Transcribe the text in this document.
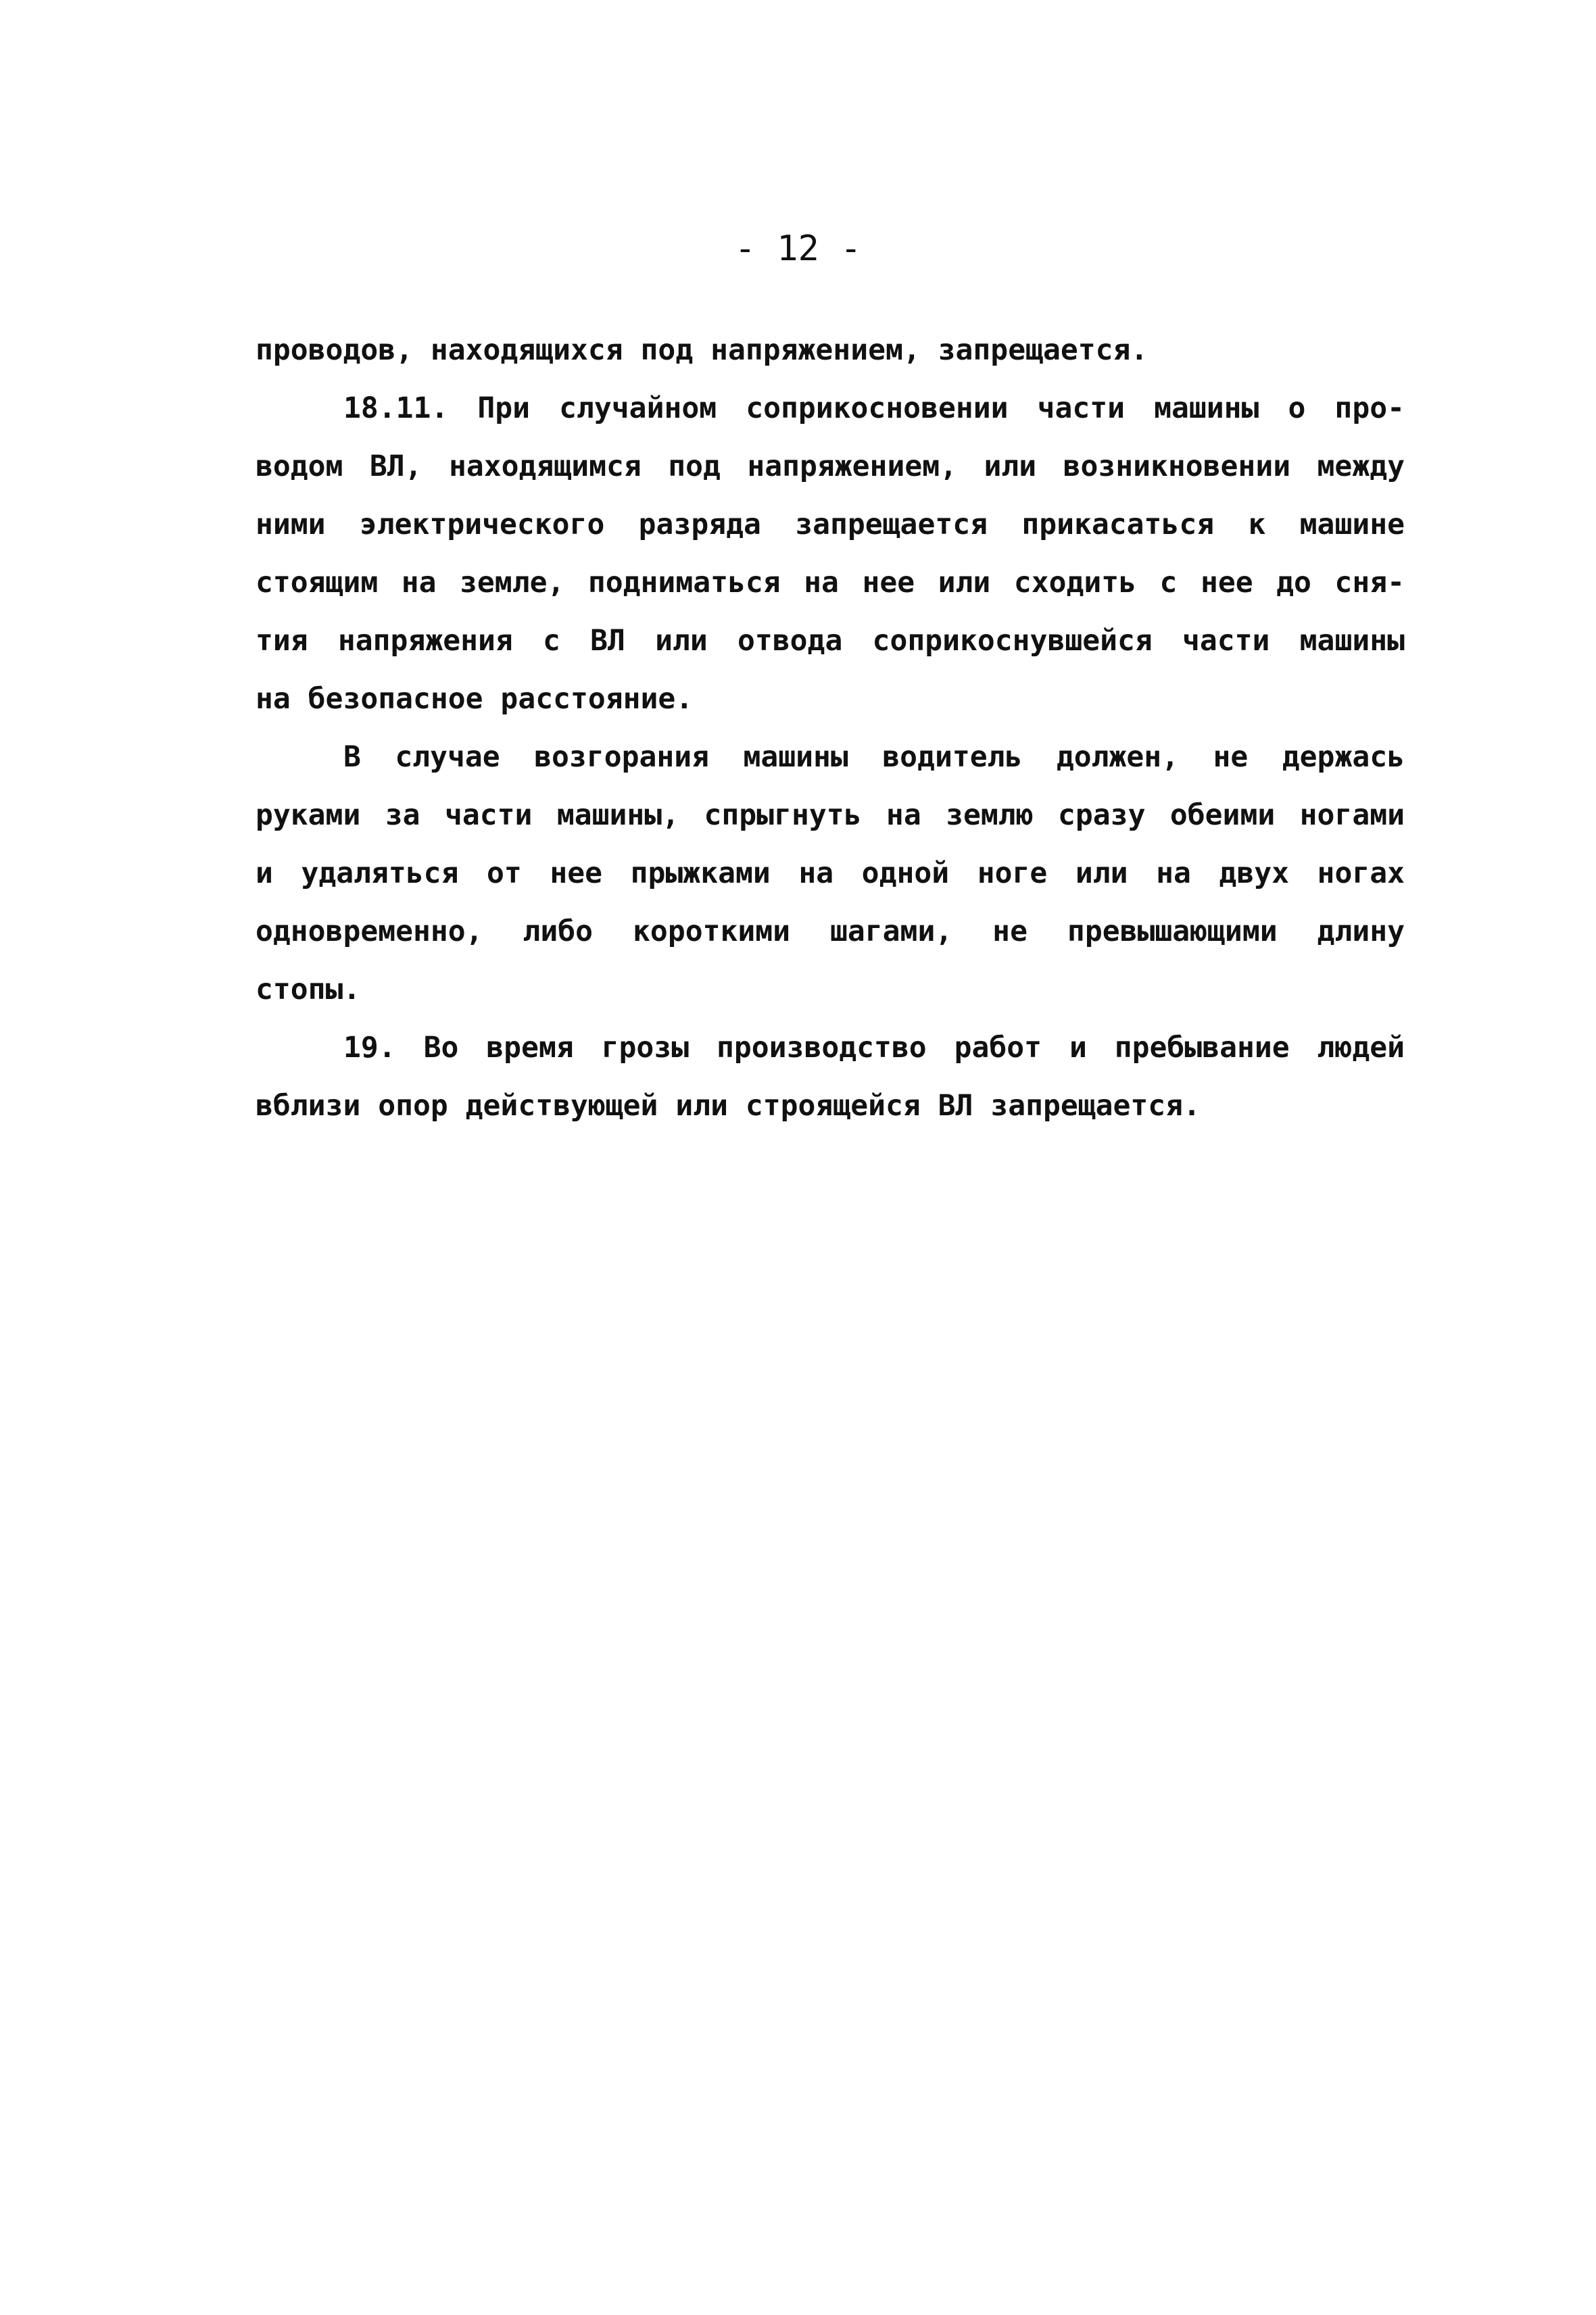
- 12 -
проводов, находящихся под напряжением, запрещается.
18.11. При случайном соприкосновении части машины о про-
водом ВЛ, находящимся под напряжением, или возникновении между
ними электрического разряда запрещается прикасаться к машине
стоящим на земле, подниматься на нее или сходить с нее до сня-
тия напряжения с ВЛ или отвода соприкоснувшейся части машины
на безопасное расстояние.
В случае возгорания машины водитель должен, не держась
руками за части машины, спрыгнуть на землю сразу обеими ногами
и удаляться от нее прыжками на одной ноге или на двух ногах
одновременно, либо короткими шагами, не превышающими длину
стопы.
19. Во время грозы производство работ и пребывание людей
вблизи опор действующей или строящейся ВЛ запрещается.
